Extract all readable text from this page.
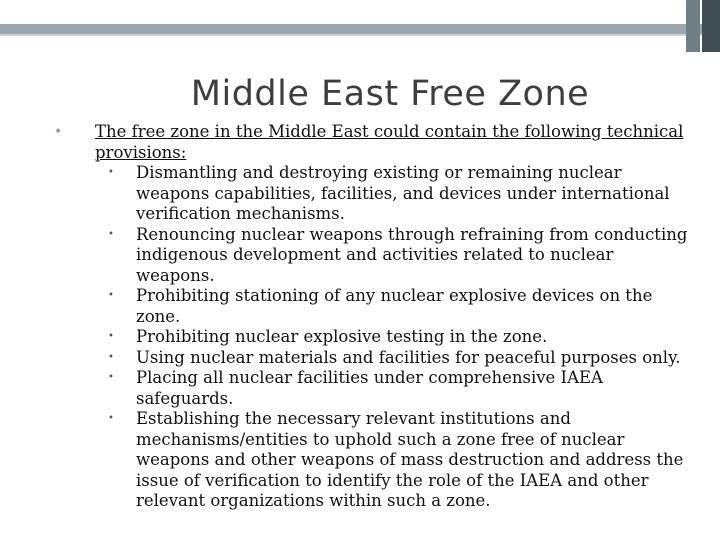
Middle East Free Zone
• The free zone in the Middle East could contain the following technical provisions:
• Dismantling and destroying existing or remaining nuclear weapons capabilities, facilities, and devices under international verification mechanisms.
• Renouncing nuclear weapons through refraining from conducting indigenous development and activities related to nuclear weapons.
• Prohibiting stationing of any nuclear explosive devices on the zone.
• Prohibiting nuclear explosive testing in the zone.
• Using nuclear materials and facilities for peaceful purposes only.
• Placing all nuclear facilities under comprehensive IAEA safeguards.
• Establishing the necessary relevant institutions and mechanisms/entities to uphold such a zone free of nuclear weapons and other weapons of mass destruction and address the issue of verification to identify the role of the IAEA and other relevant organizations within such a zone.
